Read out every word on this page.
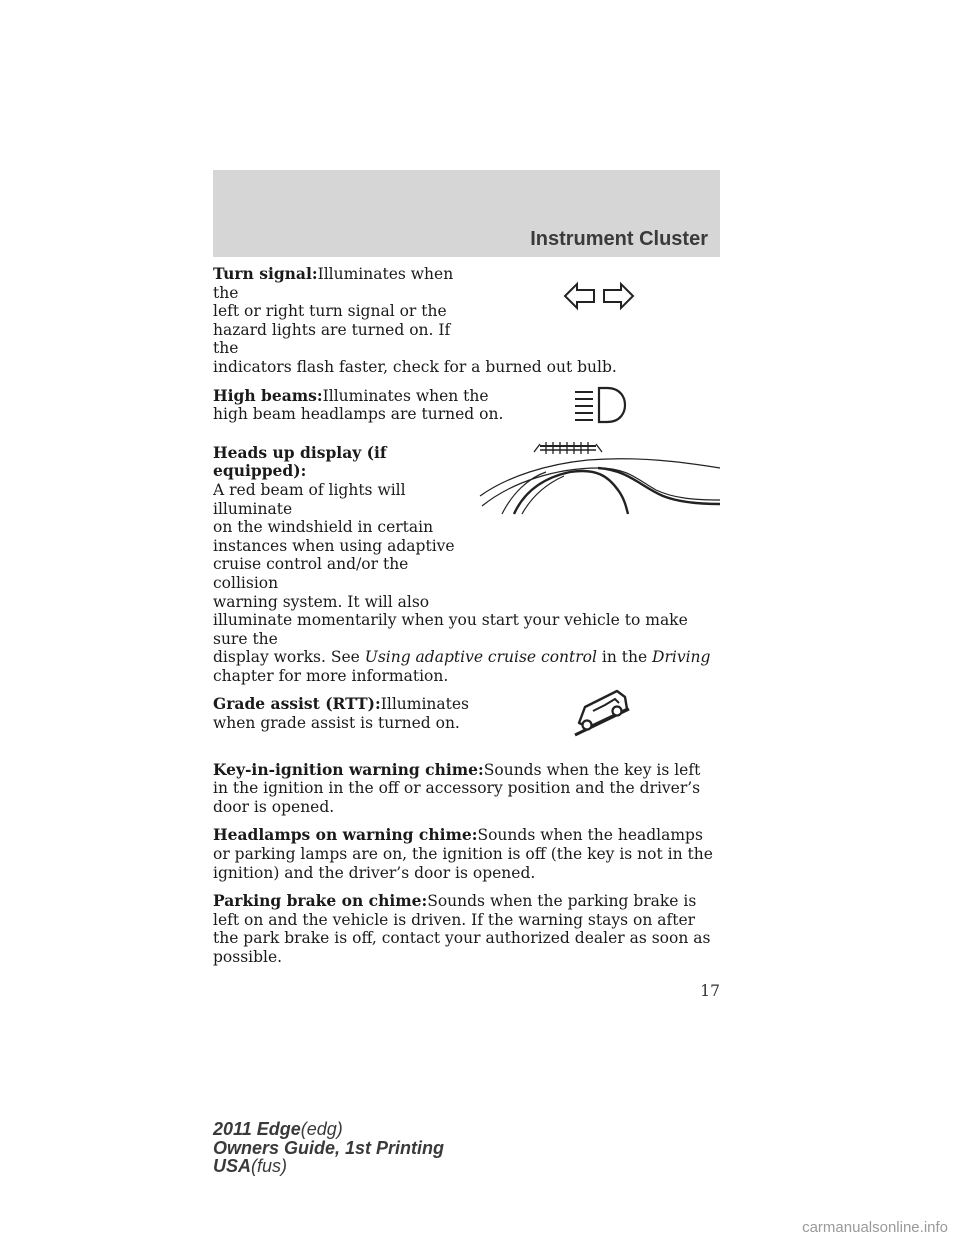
Instrument Cluster

Turn signal:Illuminates when the
left or right turn signal or the
hazard lights are turned on. If the
indicators flash faster, check for a burned out bulb.

High beams:Illuminates when the
high beam headlamps are turned on.

Heads up display (if equipped):
A red beam of lights will illuminate
on the windshield in certain
instances when using adaptive
cruise control and/or the collision
warning system. It will also
illuminate momentarily when you start your vehicle to make sure the
display works. See Using adaptive cruise control in the Driving
chapter for more information.

Grade assist (RTT):Illuminates
when grade assist is turned on.

Key-in-ignition warning chime:Sounds when the key is left in the ignition in the off or accessory position and the driver’s door is opened.

Headlamps on warning chime:Sounds when the headlamps or parking lamps are on, the ignition is off (the key is not in the ignition) and the driver’s door is opened.

Parking brake on chime:Sounds when the parking brake is left on and the vehicle is driven. If the warning stays on after the park brake is off, contact your authorized dealer as soon as possible.

17
2011 Edge(edg)
Owners Guide, 1st Printing
USA(fus)
carmanualsonline.info
